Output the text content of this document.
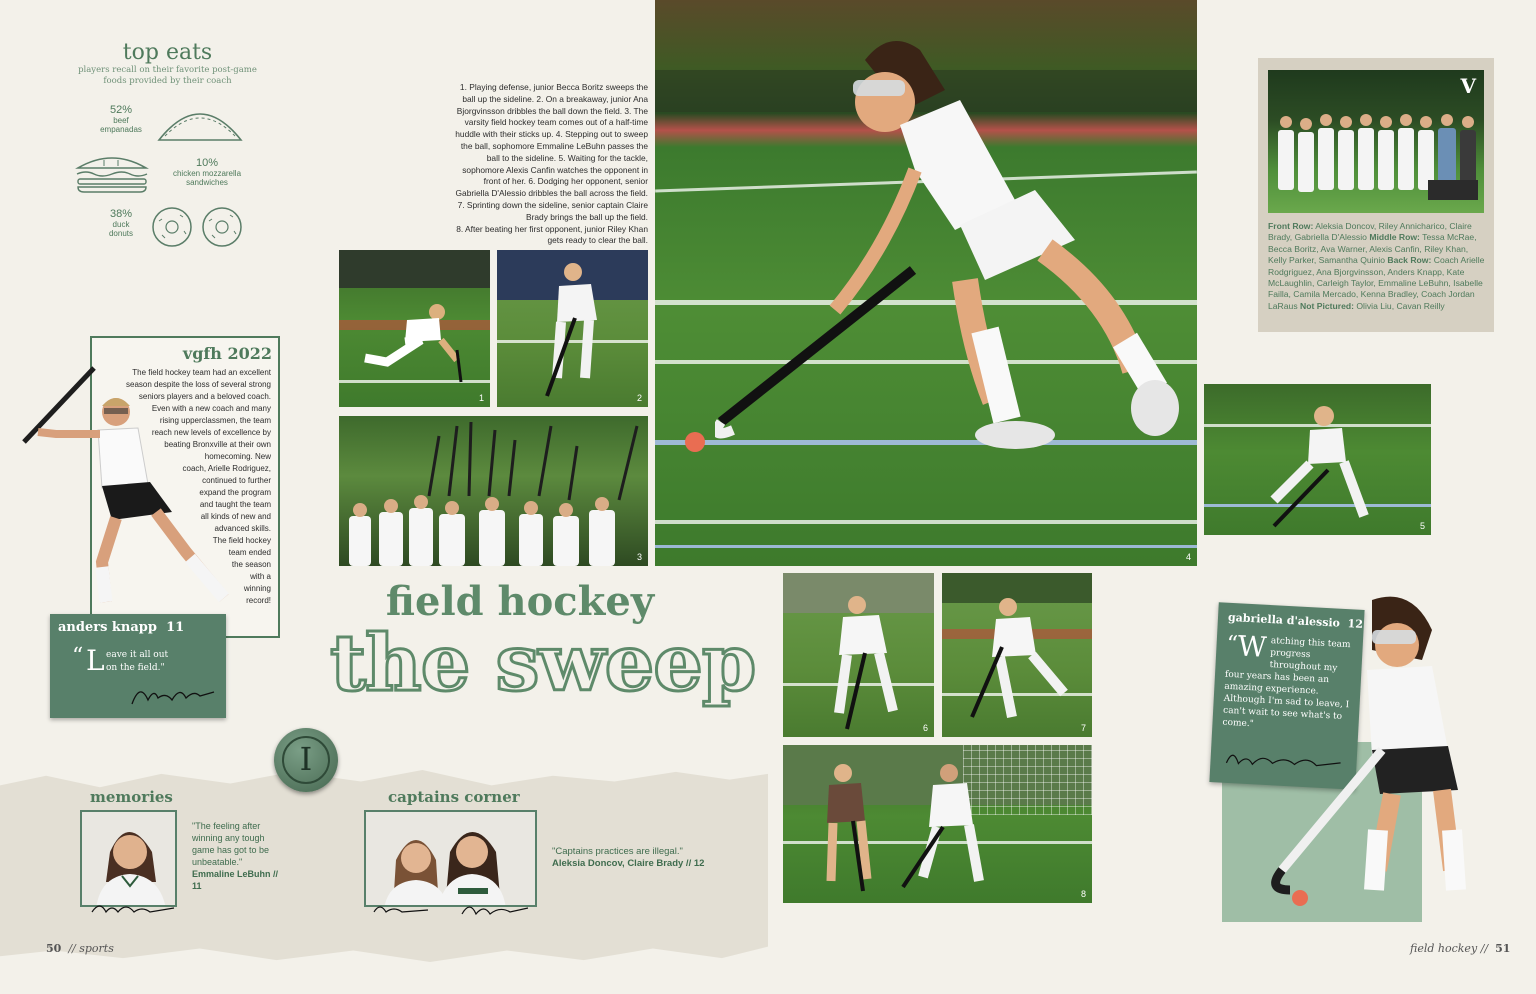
top eats
players recall on their favorite post-game
foods provided by their coach
52%
beef
empanadas
10%
chicken mozzarella
sandwiches
38%
duck
donuts
1. Playing defense, junior Becca Boritz sweeps the
ball up the sideline. 2. On a breakaway, junior Ana
Bjorgvinsson dribbles the ball down the field. 3. The
varsity field hockey team comes out of a half-time
huddle with their sticks up. 4. Stepping out to sweep
the ball, sophomore Emmaline LeBuhn passes the
ball to the sideline. 5. Waiting for the tackle,
sophomore Alexis Canfin watches the opponent in
front of her. 6. Dodging her opponent, senior
Gabriella D'Alessio dribbles the ball across the field.
7. Sprinting down the sideline, senior captain Claire
Brady brings the ball up the field.
8. After beating her first opponent, junior Riley Khan
gets ready to clear the ball.
vgfh 2022
The field hockey team had an excellent
season despite the loss of several strong
seniors players and a beloved coach.
Even with a new coach and many
rising upperclassmen, the team
reach new levels of excellence by
beating Bronxville at their own
homecoming. New
coach, Arielle Rodriguez,
continued to further
expand the program
and taught the team
all kinds of new and
advanced skills.
The field hockey
team ended
the season
with a
winning
record!
anders knapp 11
“ L eave it all out
on the field."
1	2
3
field hockey
the sweep
I
memories
"The feeling after winning any tough game has got to be unbeatable."
Emmaline LeBuhn // 11
captains corner
"Captains practices are illegal."
Aleksia Doncov, Claire Brady // 12
50 // sports
4
V
Front Row: Aleksia Doncov, Riley Annicharico, Claire Brady, Gabriella D'Alessio Middle Row: Tessa McRae, Becca Boritz, Ava Warner, Alexis Canfin, Riley Khan, Kelly Parker, Samantha Quinio Back Row: Coach Arielle Rodgriguez, Ana Bjorgvinsson, Anders Knapp, Kate McLaughlin, Carleigh Taylor, Emmaline LeBuhn, Isabelle Failla, Camila Mercado, Kenna Bradley, Coach Jordan LaRaus Not Pictured: Olivia Liu, Cavan Reilly
5
6	7
8
gabriella d'alessio 12
“
W atching this team progress throughout my four years has been an amazing experience. Although I'm sad to leave, I can't wait to see what's to come."
field hockey // 51
